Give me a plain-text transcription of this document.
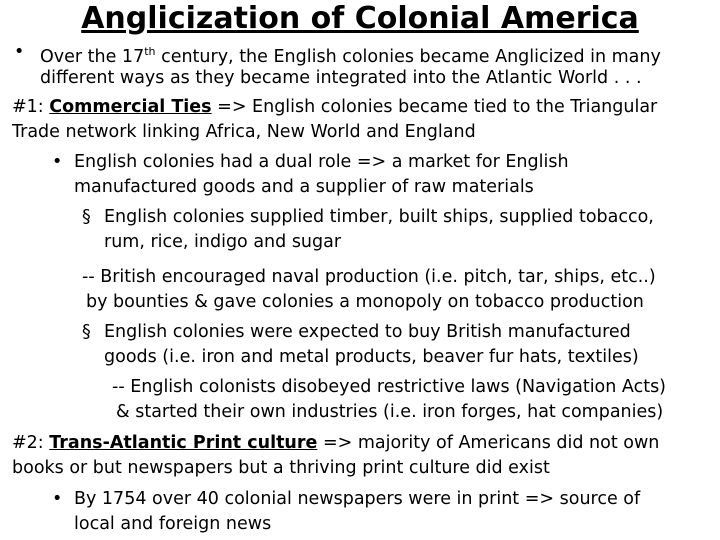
Anglicization of Colonial America
• Over the 17th century, the English colonies became Anglicized in many
different ways as they became integrated into the Atlantic World . . .
#1: Commercial Ties => English colonies became tied to the Triangular
Trade network linking Africa, New World and England
• English colonies had a dual role => a market for English
manufactured goods and a supplier of raw materials
§ English colonies supplied timber, built ships, supplied tobacco,
rum, rice, indigo and sugar
-- British encouraged naval production (i.e. pitch, tar, ships, etc..)
by bounties & gave colonies a monopoly on tobacco production
§ English colonies were expected to buy British manufactured
goods (i.e. iron and metal products, beaver fur hats, textiles)
-- English colonists disobeyed restrictive laws (Navigation Acts)
& started their own industries (i.e. iron forges, hat companies)
#2: Trans-Atlantic Print culture => majority of Americans did not own
books or but newspapers but a thriving print culture did exist
• By 1754 over 40 colonial newspapers were in print => source of
local and foreign news
